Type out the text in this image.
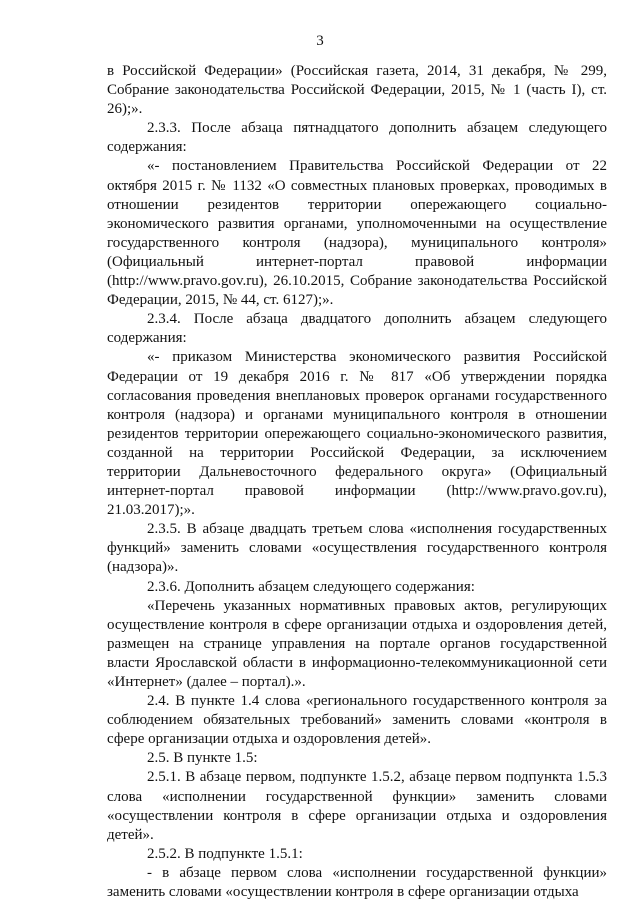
3

в Российской Федерации» (Российская газета, 2014, 31 декабря, № 299, Собрание законодательства Российской Федерации, 2015, № 1 (часть I), ст. 26);».

2.3.3. После абзаца пятнадцатого дополнить абзацем следующего содержания:

«- постановлением Правительства Российской Федерации от 22 октября 2015 г. № 1132 «О совместных плановых проверках, проводимых в отношении резидентов территории опережающего социально-экономического развития органами, уполномоченными на осуществление государственного контроля (надзора), муниципального контроля» (Официальный интернет-портал правовой информации (http://www.pravo.gov.ru), 26.10.2015, Собрание законодательства Российской Федерации, 2015, № 44, ст. 6127);».

2.3.4. После абзаца двадцатого дополнить абзацем следующего содержания:

«- приказом Министерства экономического развития Российской Федерации от 19 декабря 2016 г. № 817 «Об утверждении порядка согласования проведения внеплановых проверок органами государственного контроля (надзора) и органами муниципального контроля в отношении резидентов территории опережающего социально-экономического развития, созданной на территории Российской Федерации, за исключением территории Дальневосточного федерального округа» (Официальный интернет-портал правовой информации (http://www.pravo.gov.ru), 21.03.2017);».

2.3.5. В абзаце двадцать третьем слова «исполнения государственных функций» заменить словами «осуществления государственного контроля (надзора)».

2.3.6. Дополнить абзацем следующего содержания:

«Перечень указанных нормативных правовых актов, регулирующих осуществление контроля в сфере организации отдыха и оздоровления детей, размещен на странице управления на портале органов государственной власти Ярославской области в информационно-телекоммуникационной сети «Интернет» (далее – портал).».

2.4. В пункте 1.4 слова «регионального государственного контроля за соблюдением обязательных требований» заменить словами «контроля в сфере организации отдыха и оздоровления детей».

2.5. В пункте 1.5:

2.5.1. В абзаце первом, подпункте 1.5.2, абзаце первом подпункта 1.5.3 слова «исполнении государственной функции» заменить словами «осуществлении контроля в сфере организации отдыха и оздоровления детей».

2.5.2. В подпункте 1.5.1:

- в абзаце первом слова «исполнении государственной функции» заменить словами «осуществлении контроля в сфере организации отдыха
